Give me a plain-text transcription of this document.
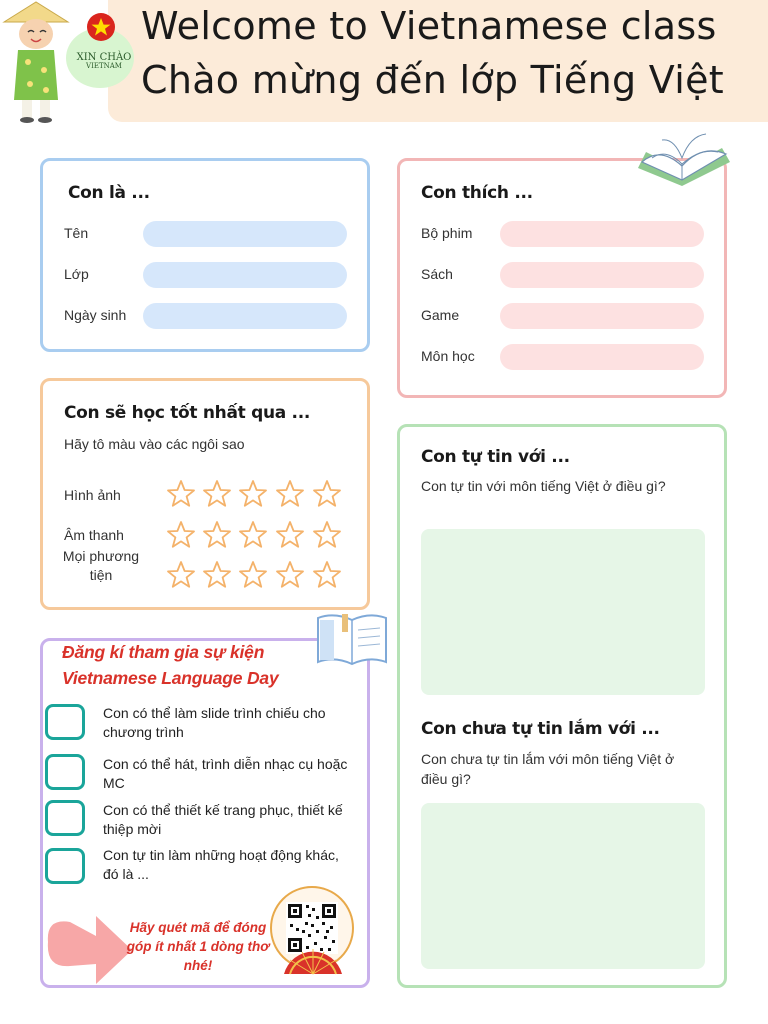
Welcome to Vietnamese class
Chào mừng đến lớp Tiếng Việt
XIN CHÀO
VIETNAM
Con là ...
Tên
Lớp
Ngày sinh
Con thích ...
Bộ phim
Sách
Game
Môn học
Con sẽ học tốt nhất qua ...
Hãy tô màu vào các ngôi sao
Hình ảnh
Âm thanh
Mọi phương tiện
Con tự tin với ...
Con tự tin với môn tiếng Việt ở điều gì?
Con chưa tự tin lắm với ...
Con chưa tự tin lắm với môn tiếng Việt ở điều gì?
Đăng kí tham gia sự kiện
Vietnamese Language Day
Con có thể làm slide trình chiếu cho chương trình
Con có thể hát, trình diễn nhạc cụ hoặc MC
Con có thể thiết kế trang phục, thiết kế thiệp mời
Con tự tin làm những hoạt động khác, đó là ...
Hãy quét mã để đóng góp ít nhất 1 dòng thơ nhé!
